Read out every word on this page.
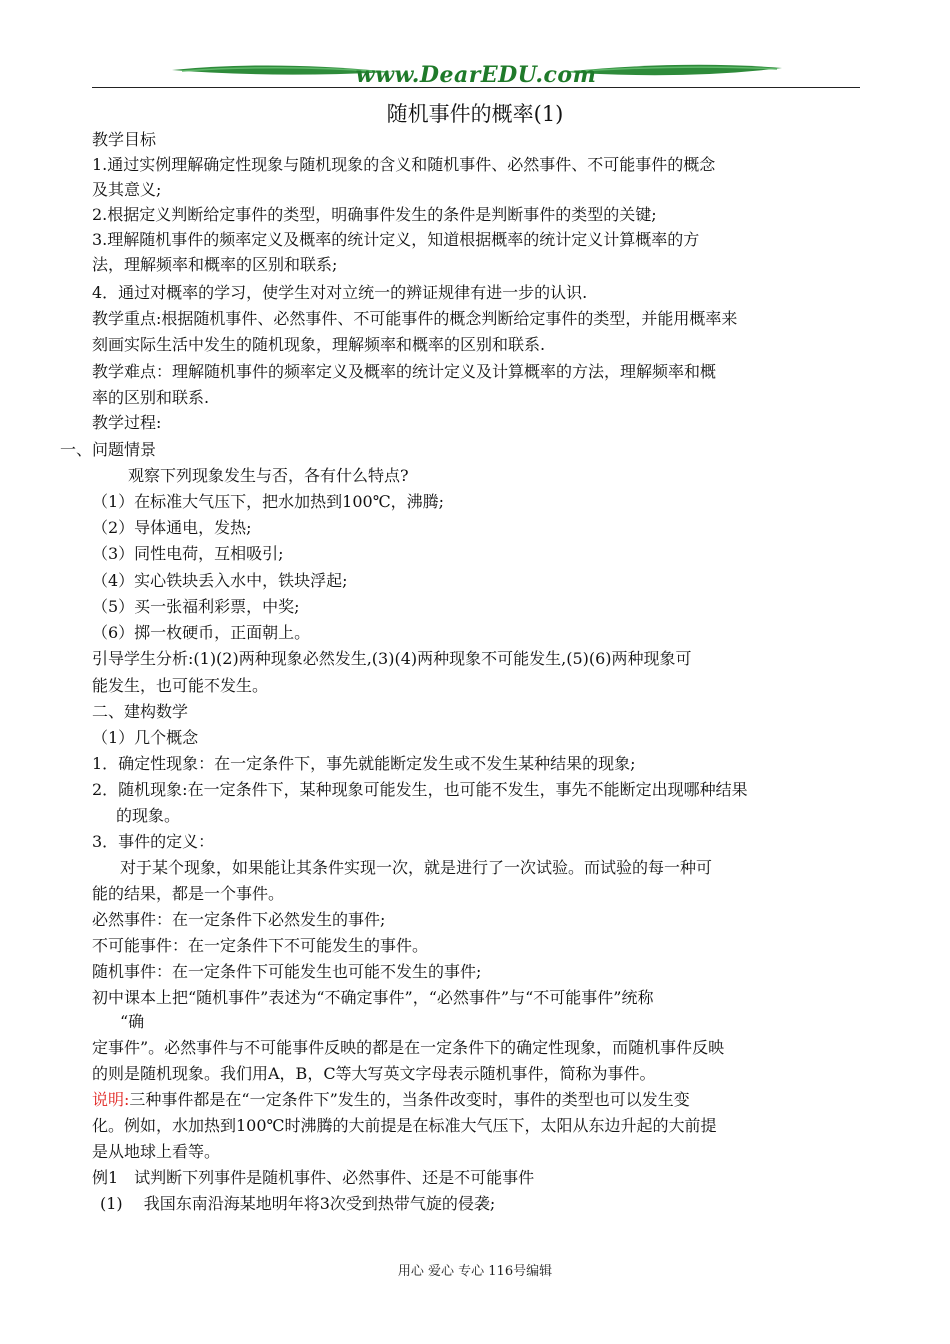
www.DearEDU.com
随机事件的概率(1)
教学目标
1.通过实例理解确定性现象与随机现象的含义和随机事件、必然事件、不可能事件的概念
及其意义;
2.根据定义判断给定事件的类型，明确事件发生的条件是判断事件的类型的关键;
3.理解随机事件的频率定义及概率的统计定义，知道根据概率的统计定义计算概率的方
法，理解频率和概率的区别和联系;
4．通过对概率的学习，使学生对对立统一的辨证规律有进一步的认识.
教学重点:根据随机事件、必然事件、不可能事件的概念判断给定事件的类型，并能用概率来
刻画实际生活中发生的随机现象，理解频率和概率的区别和联系.
教学难点：理解随机事件的频率定义及概率的统计定义及计算概率的方法，理解频率和概
率的区别和联系.
教学过程:
一、问题情景
观察下列现象发生与否，各有什么特点?
（1）在标准大气压下，把水加热到100℃，沸腾;
（2）导体通电，发热;
（3）同性电荷，互相吸引;
（4）实心铁块丢入水中，铁块浮起;
（5）买一张福利彩票，中奖;
（6）掷一枚硬币，正面朝上。
引导学生分析:(1)(2)两种现象必然发生,(3)(4)两种现象不可能发生,(5)(6)两种现象可
能发生，也可能不发生。
二、建构数学
（1）几个概念
1．确定性现象：在一定条件下，事先就能断定发生或不发生某种结果的现象;
2．随机现象:在一定条件下，某种现象可能发生，也可能不发生，事先不能断定出现哪种结果
的现象。
3．事件的定义：
对于某个现象，如果能让其条件实现一次，就是进行了一次试验。而试验的每一种可
能的结果，都是一个事件。
必然事件：在一定条件下必然发生的事件;
不可能事件：在一定条件下不可能发生的事件。
随机事件：在一定条件下可能发生也可能不发生的事件;
初中课本上把“随机事件”表述为“不确定事件”，“必然事件”与“不可能事件”统称
“确
定事件”。必然事件与不可能事件反映的都是在一定条件下的确定性现象，而随机事件反映
的则是随机现象。我们用A，B，C等大写英文字母表示随机事件，简称为事件。
说明:三种事件都是在“一定条件下”发生的，当条件改变时，事件的类型也可以发生变
化。例如，水加热到100℃时沸腾的大前提是在标准大气压下，太阳从东边升起的大前提
是从地球上看等。
例1　试判断下列事件是随机事件、必然事件、还是不可能事件
(1)　 我国东南沿海某地明年将3次受到热带气旋的侵袭;
用心 爱心 专心 116号编辑
